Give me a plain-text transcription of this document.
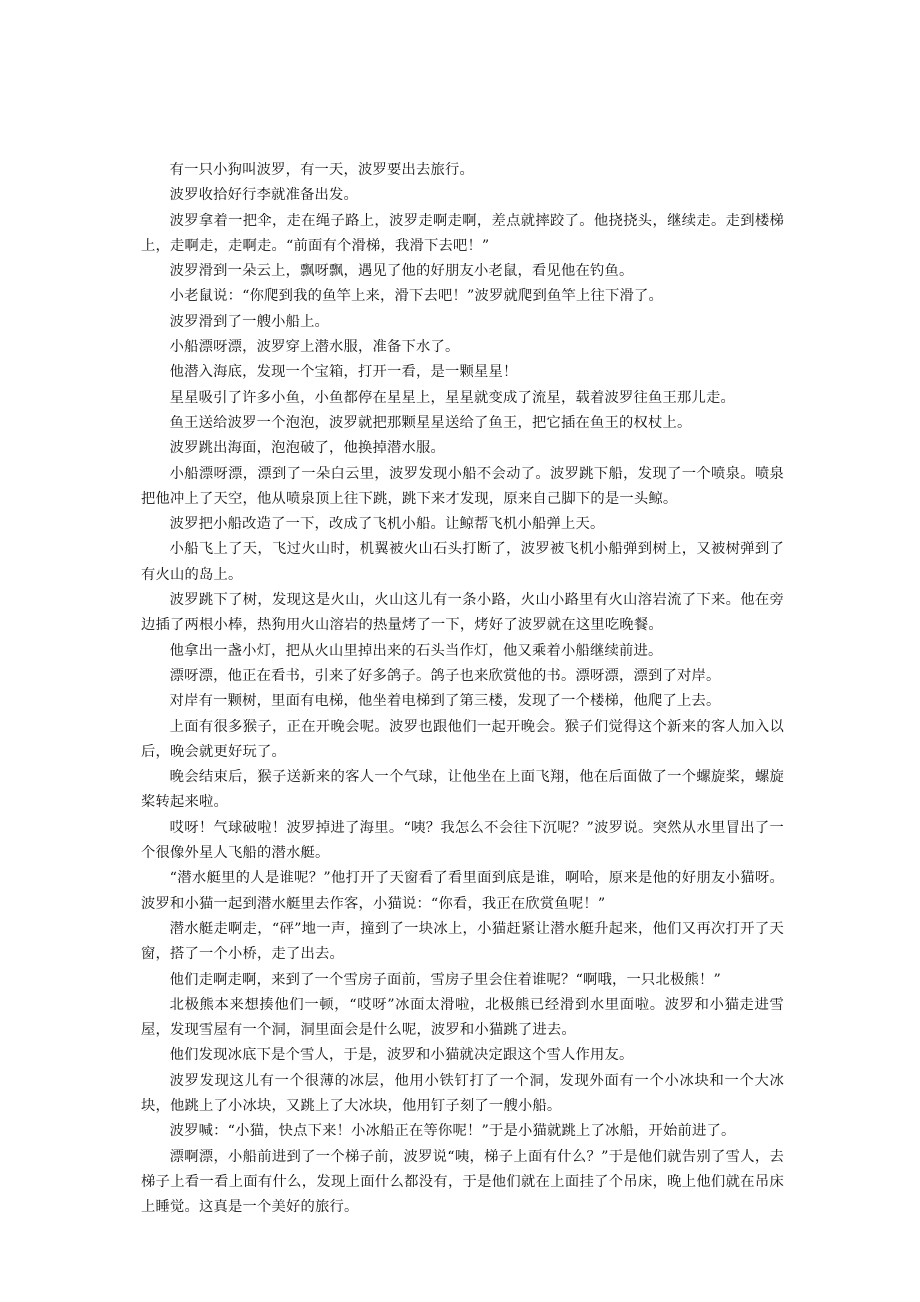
有一只小狗叫波罗，有一天，波罗要出去旅行。

波罗收拾好行李就准备出发。

波罗拿着一把伞，走在绳子路上，波罗走啊走啊，差点就摔跤了。他挠挠头，继续走。走到楼梯上，走啊走，走啊走。“前面有个滑梯，我滑下去吧！”

波罗滑到一朵云上，飘呀飘，遇见了他的好朋友小老鼠，看见他在钓鱼。

小老鼠说：“你爬到我的鱼竿上来，滑下去吧！”波罗就爬到鱼竿上往下滑了。

波罗滑到了一艘小船上。

小船漂呀漂，波罗穿上潜水服，准备下水了。

他潜入海底，发现一个宝箱，打开一看，是一颗星星！

星星吸引了许多小鱼，小鱼都停在星星上，星星就变成了流星，载着波罗往鱼王那儿走。

鱼王送给波罗一个泡泡，波罗就把那颗星星送给了鱼王，把它插在鱼王的权杖上。

波罗跳出海面，泡泡破了，他换掉潜水服。

小船漂呀漂，漂到了一朵白云里，波罗发现小船不会动了。波罗跳下船，发现了一个喷泉。喷泉把他冲上了天空，他从喷泉顶上往下跳，跳下来才发现，原来自己脚下的是一头鲸。

波罗把小船改造了一下，改成了飞机小船。让鲸帮飞机小船弹上天。

小船飞上了天，飞过火山时，机翼被火山石头打断了，波罗被飞机小船弹到树上，又被树弹到了有火山的岛上。

波罗跳下了树，发现这是火山，火山这儿有一条小路，火山小路里有火山溶岩流了下来。他在旁边插了两根小棒，热狗用火山溶岩的热量烤了一下，烤好了波罗就在这里吃晚餐。

他拿出一盏小灯，把从火山里掉出来的石头当作灯，他又乘着小船继续前进。

漂呀漂，他正在看书，引来了好多鸽子。鸽子也来欣赏他的书。漂呀漂，漂到了对岸。

对岸有一颗树，里面有电梯，他坐着电梯到了第三楼，发现了一个楼梯，他爬了上去。

上面有很多猴子，正在开晚会呢。波罗也跟他们一起开晚会。猴子们觉得这个新来的客人加入以后，晚会就更好玩了。

晚会结束后，猴子送新来的客人一个气球，让他坐在上面飞翔，他在后面做了一个螺旋桨，螺旋桨转起来啦。

哎呀！气球破啦！波罗掉进了海里。“咦？我怎么不会往下沉呢？”波罗说。突然从水里冒出了一个很像外星人飞船的潜水艇。

“潜水艇里的人是谁呢？”他打开了天窗看了看里面到底是谁，啊哈，原来是他的好朋友小猫呀。波罗和小猫一起到潜水艇里去作客，小猫说：“你看，我正在欣赏鱼呢！”

潜水艇走啊走，“砰”地一声，撞到了一块冰上，小猫赶紧让潜水艇升起来，他们又再次打开了天窗，搭了一个小桥，走了出去。

他们走啊走啊，来到了一个雪房子面前，雪房子里会住着谁呢？“啊哦，一只北极熊！”

北极熊本来想揍他们一顿，“哎呀”冰面太滑啦，北极熊已经滑到水里面啦。波罗和小猫走进雪屋，发现雪屋有一个洞，洞里面会是什么呢，波罗和小猫跳了进去。

他们发现冰底下是个雪人，于是，波罗和小猫就决定跟这个雪人作用友。

波罗发现这儿有一个很薄的冰层，他用小铁钉打了一个洞，发现外面有一个小冰块和一个大冰块，他跳上了小冰块，又跳上了大冰块，他用钉子刻了一艘小船。

波罗喊：“小猫，快点下来！小冰船正在等你呢！”于是小猫就跳上了冰船，开始前进了。

漂啊漂，小船前进到了一个梯子前，波罗说“咦，梯子上面有什么？”于是他们就告别了雪人，去梯子上看一看上面有什么，发现上面什么都没有，于是他们就在上面挂了个吊床，晚上他们就在吊床上睡觉。这真是一个美好的旅行。
